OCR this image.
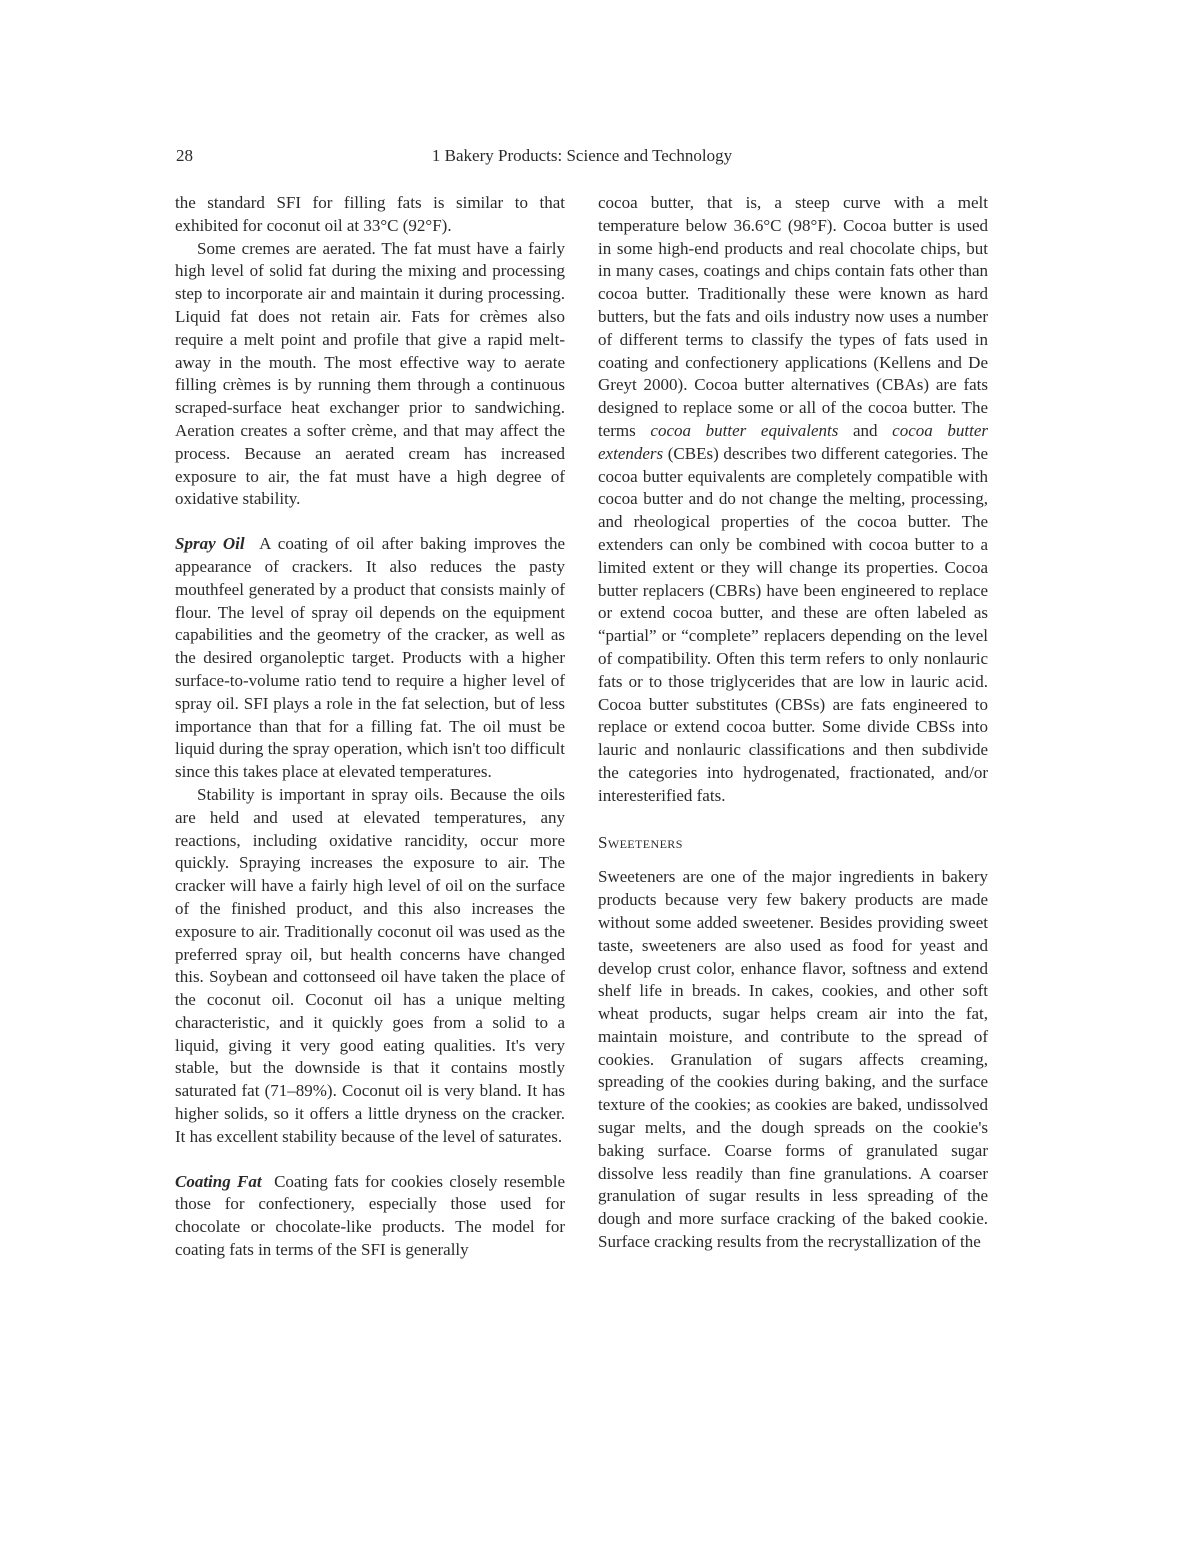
28	1 Bakery Products: Science and Technology

the standard SFI for filling fats is similar to that exhibited for coconut oil at 33°C (92°F).

Some cremes are aerated. The fat must have a fairly high level of solid fat during the mixing and processing step to incorporate air and maintain it during processing. Liquid fat does not retain air. Fats for crèmes also require a melt point and profile that give a rapid melt-away in the mouth. The most effective way to aerate filling crèmes is by running them through a continuous scraped-surface heat exchanger prior to sandwiching. Aeration creates a softer crème, and that may affect the process. Because an aerated cream has increased exposure to air, the fat must have a high degree of oxidative stability.

Spray Oil A coating of oil after baking improves the appearance of crackers. It also reduces the pasty mouthfeel generated by a product that consists mainly of flour. The level of spray oil depends on the equipment capabilities and the geometry of the cracker, as well as the desired organoleptic target. Products with a higher surface-to-volume ratio tend to require a higher level of spray oil. SFI plays a role in the fat selection, but of less importance than that for a filling fat. The oil must be liquid during the spray operation, which isn't too difficult since this takes place at elevated temperatures.

Stability is important in spray oils. Because the oils are held and used at elevated temperatures, any reactions, including oxidative rancidity, occur more quickly. Spraying increases the exposure to air. The cracker will have a fairly high level of oil on the surface of the finished product, and this also increases the exposure to air. Traditionally coconut oil was used as the preferred spray oil, but health concerns have changed this. Soybean and cottonseed oil have taken the place of the coconut oil. Coconut oil has a unique melting characteristic, and it quickly goes from a solid to a liquid, giving it very good eating qualities. It's very stable, but the downside is that it contains mostly saturated fat (71–89%). Coconut oil is very bland. It has higher solids, so it offers a little dryness on the cracker. It has excellent stability because of the level of saturates.

Coating Fat Coating fats for cookies closely resemble those for confectionery, especially those used for chocolate or chocolate-like products. The model for coating fats in terms of the SFI is generally

cocoa butter, that is, a steep curve with a melt temperature below 36.6°C (98°F). Cocoa butter is used in some high-end products and real chocolate chips, but in many cases, coatings and chips contain fats other than cocoa butter. Traditionally these were known as hard butters, but the fats and oils industry now uses a number of different terms to classify the types of fats used in coating and confectionery applications (Kellens and De Greyt 2000). Cocoa butter alternatives (CBAs) are fats designed to replace some or all of the cocoa butter. The terms cocoa butter equivalents and cocoa butter extenders (CBEs) describes two different categories. The cocoa butter equivalents are completely compatible with cocoa butter and do not change the melting, processing, and rheological properties of the cocoa butter. The extenders can only be combined with cocoa butter to a limited extent or they will change its properties. Cocoa butter replacers (CBRs) have been engineered to replace or extend cocoa butter, and these are often labeled as “partial” or “complete” replacers depending on the level of compatibility. Often this term refers to only nonlauric fats or to those triglycerides that are low in lauric acid. Cocoa butter substitutes (CBSs) are fats engineered to replace or extend cocoa butter. Some divide CBSs into lauric and nonlauric classifications and then subdivide the categories into hydrogenated, fractionated, and/or interesterified fats.

Sweeteners

Sweeteners are one of the major ingredients in bakery products because very few bakery products are made without some added sweetener. Besides providing sweet taste, sweeteners are also used as food for yeast and develop crust color, enhance flavor, softness and extend shelf life in breads. In cakes, cookies, and other soft wheat products, sugar helps cream air into the fat, maintain moisture, and contribute to the spread of cookies. Granulation of sugars affects creaming, spreading of the cookies during baking, and the surface texture of the cookies; as cookies are baked, undissolved sugar melts, and the dough spreads on the cookie's baking surface. Coarse forms of granulated sugar dissolve less readily than fine granulations. A coarser granulation of sugar results in less spreading of the dough and more surface cracking of the baked cookie. Surface cracking results from the recrystallization of the
